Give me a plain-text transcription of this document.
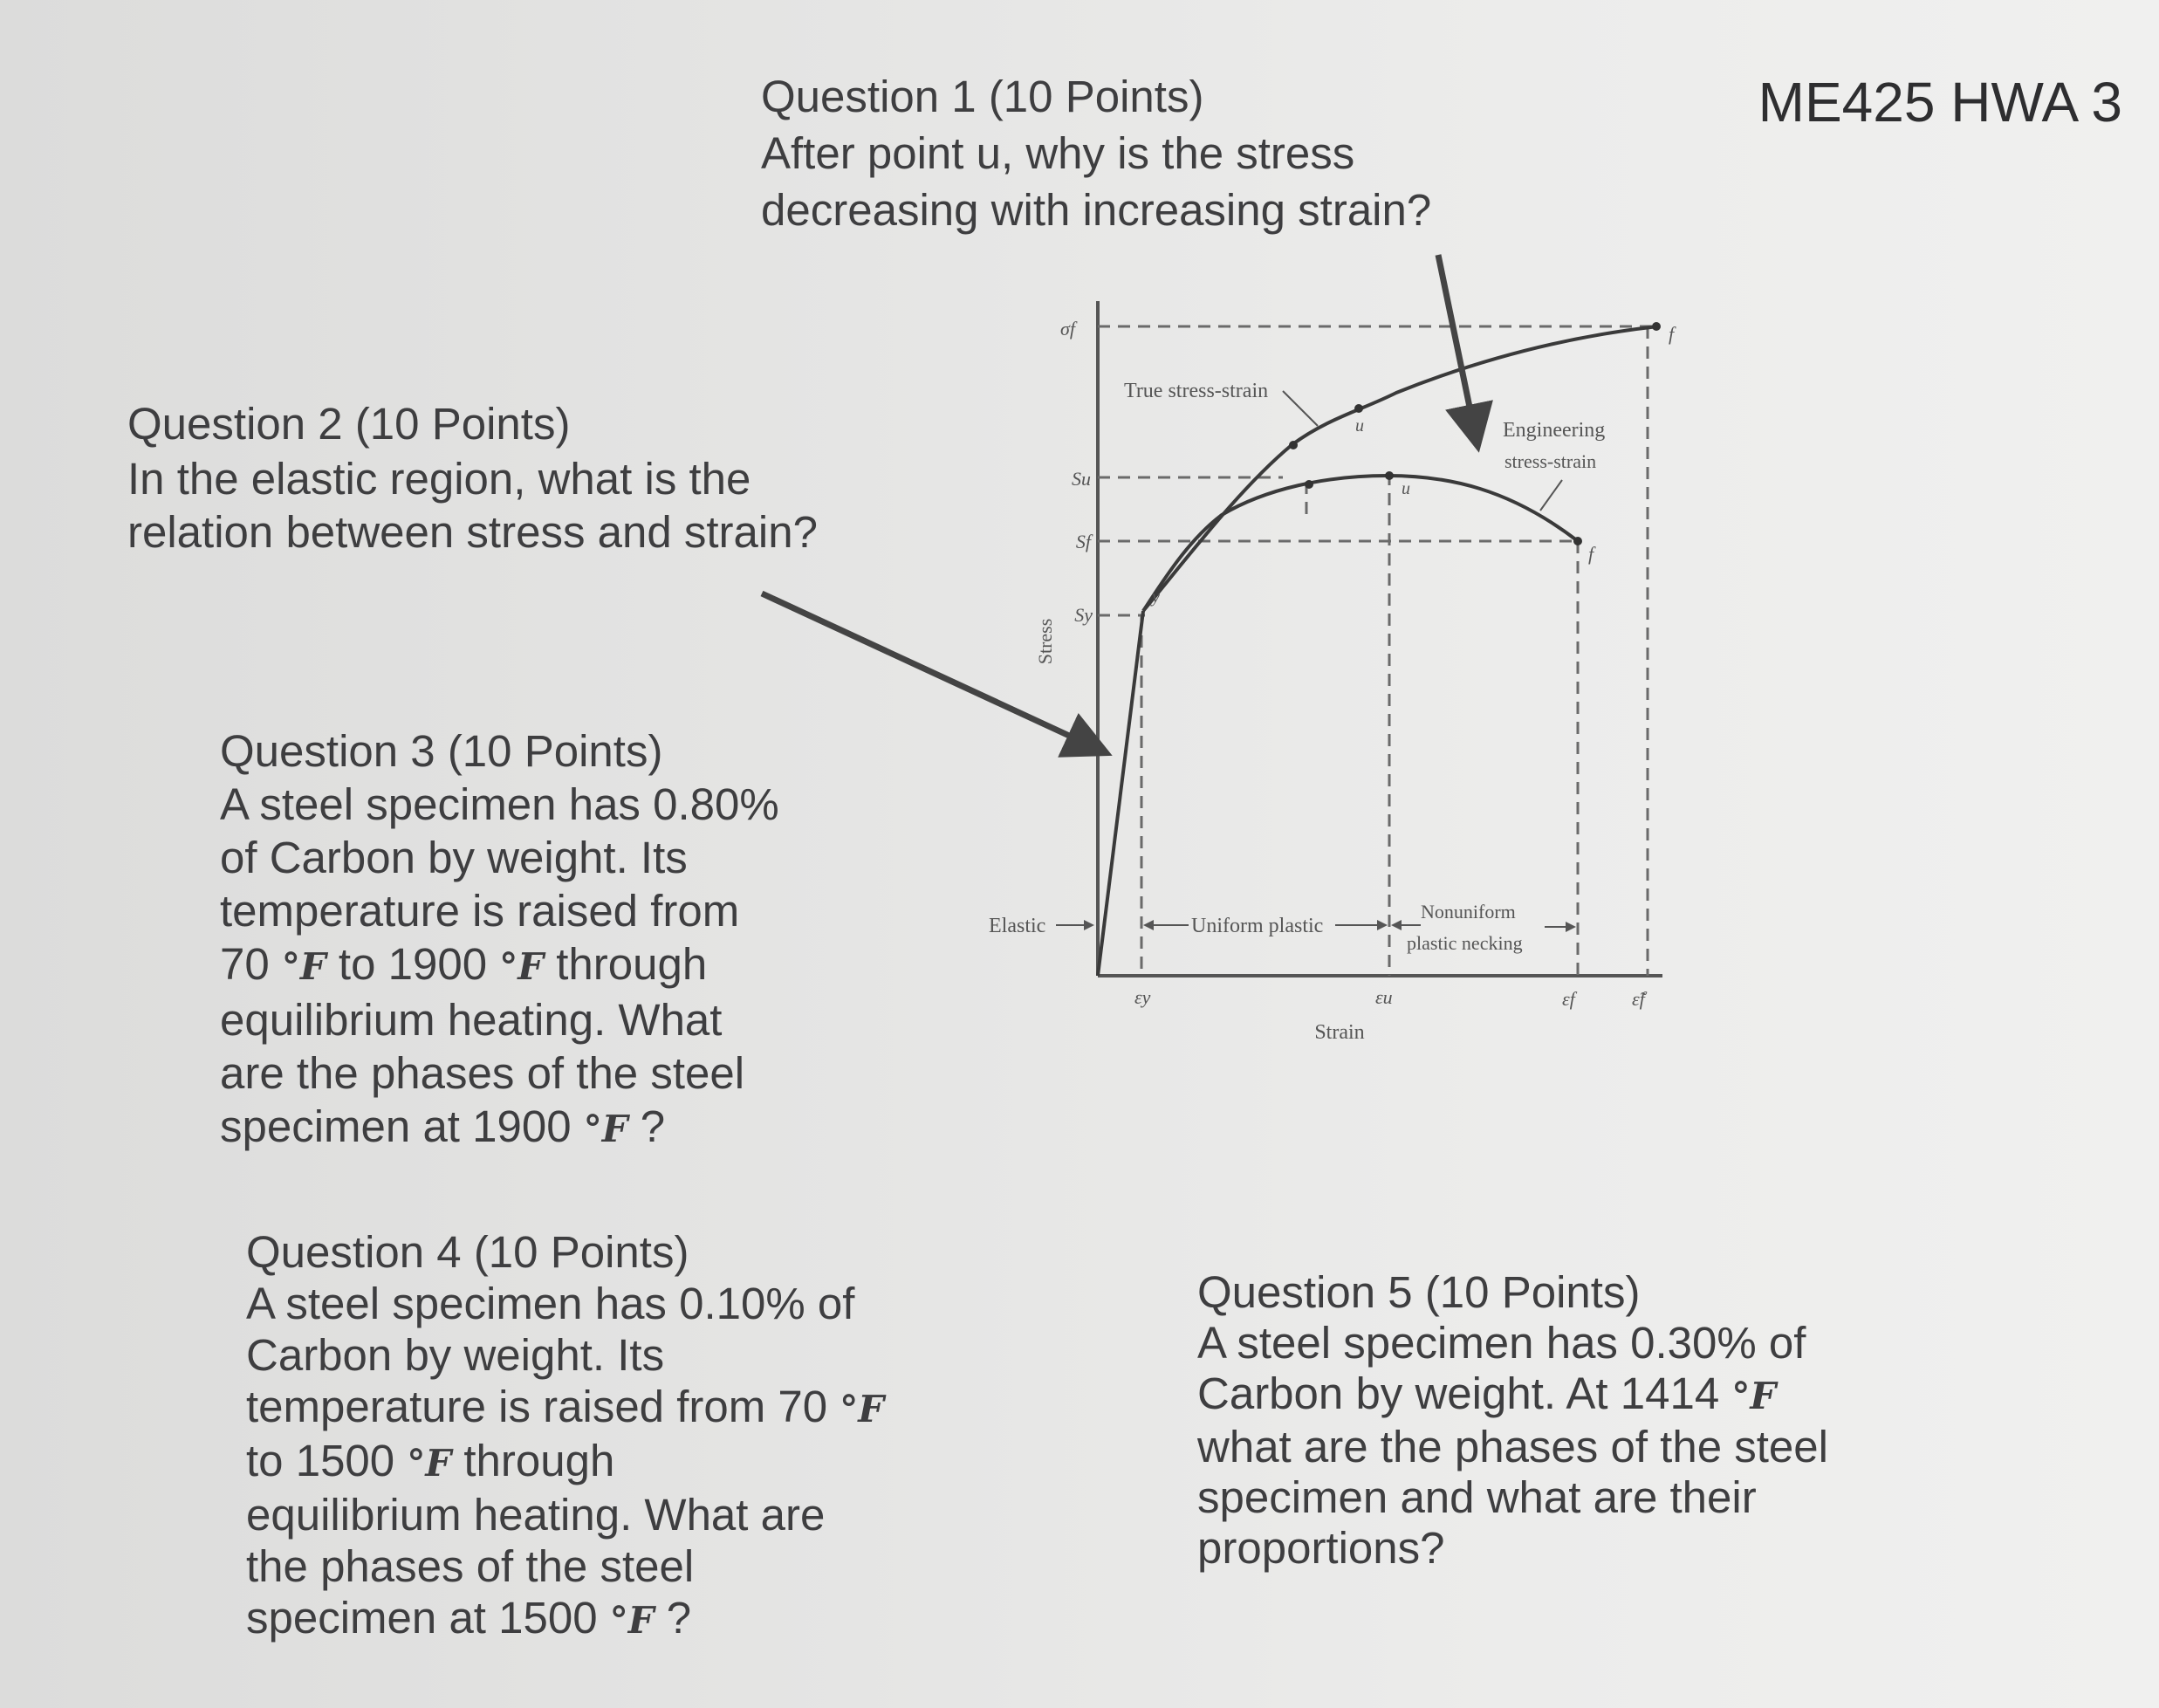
ME425 HWA 3
Question 1 (10 Points)
After point u, why is the stress
decreasing with increasing strain?
Question 2 (10 Points)
In the elastic region, what is the
relation between stress and strain?
Question 3 (10 Points)
A steel specimen has 0.80%
of Carbon by weight. Its
temperature is raised from
70 °F to 1900 °F through
equilibrium heating. What
are the phases of the steel
specimen at 1900 °F ?
Question 4 (10 Points)
A steel specimen has 0.10% of
Carbon by weight. Its
temperature is raised from 70 °F
to 1500 °F through
equilibrium heating. What are
the phases of the steel
specimen at 1500 °F ?
Question 5 (10 Points)
A steel specimen has 0.30% of
Carbon by weight. At 1414 °F
what are the phases of the steel
specimen and what are their
proportions?
σf
Su
Sf
Sy
Stress
Strain
εy	εu	εf	ε̃f
u
u
f
f
y
True stress-strain
Engineering
stress-strain
Elastic	Uniform plastic
Nonuniform
plastic necking
